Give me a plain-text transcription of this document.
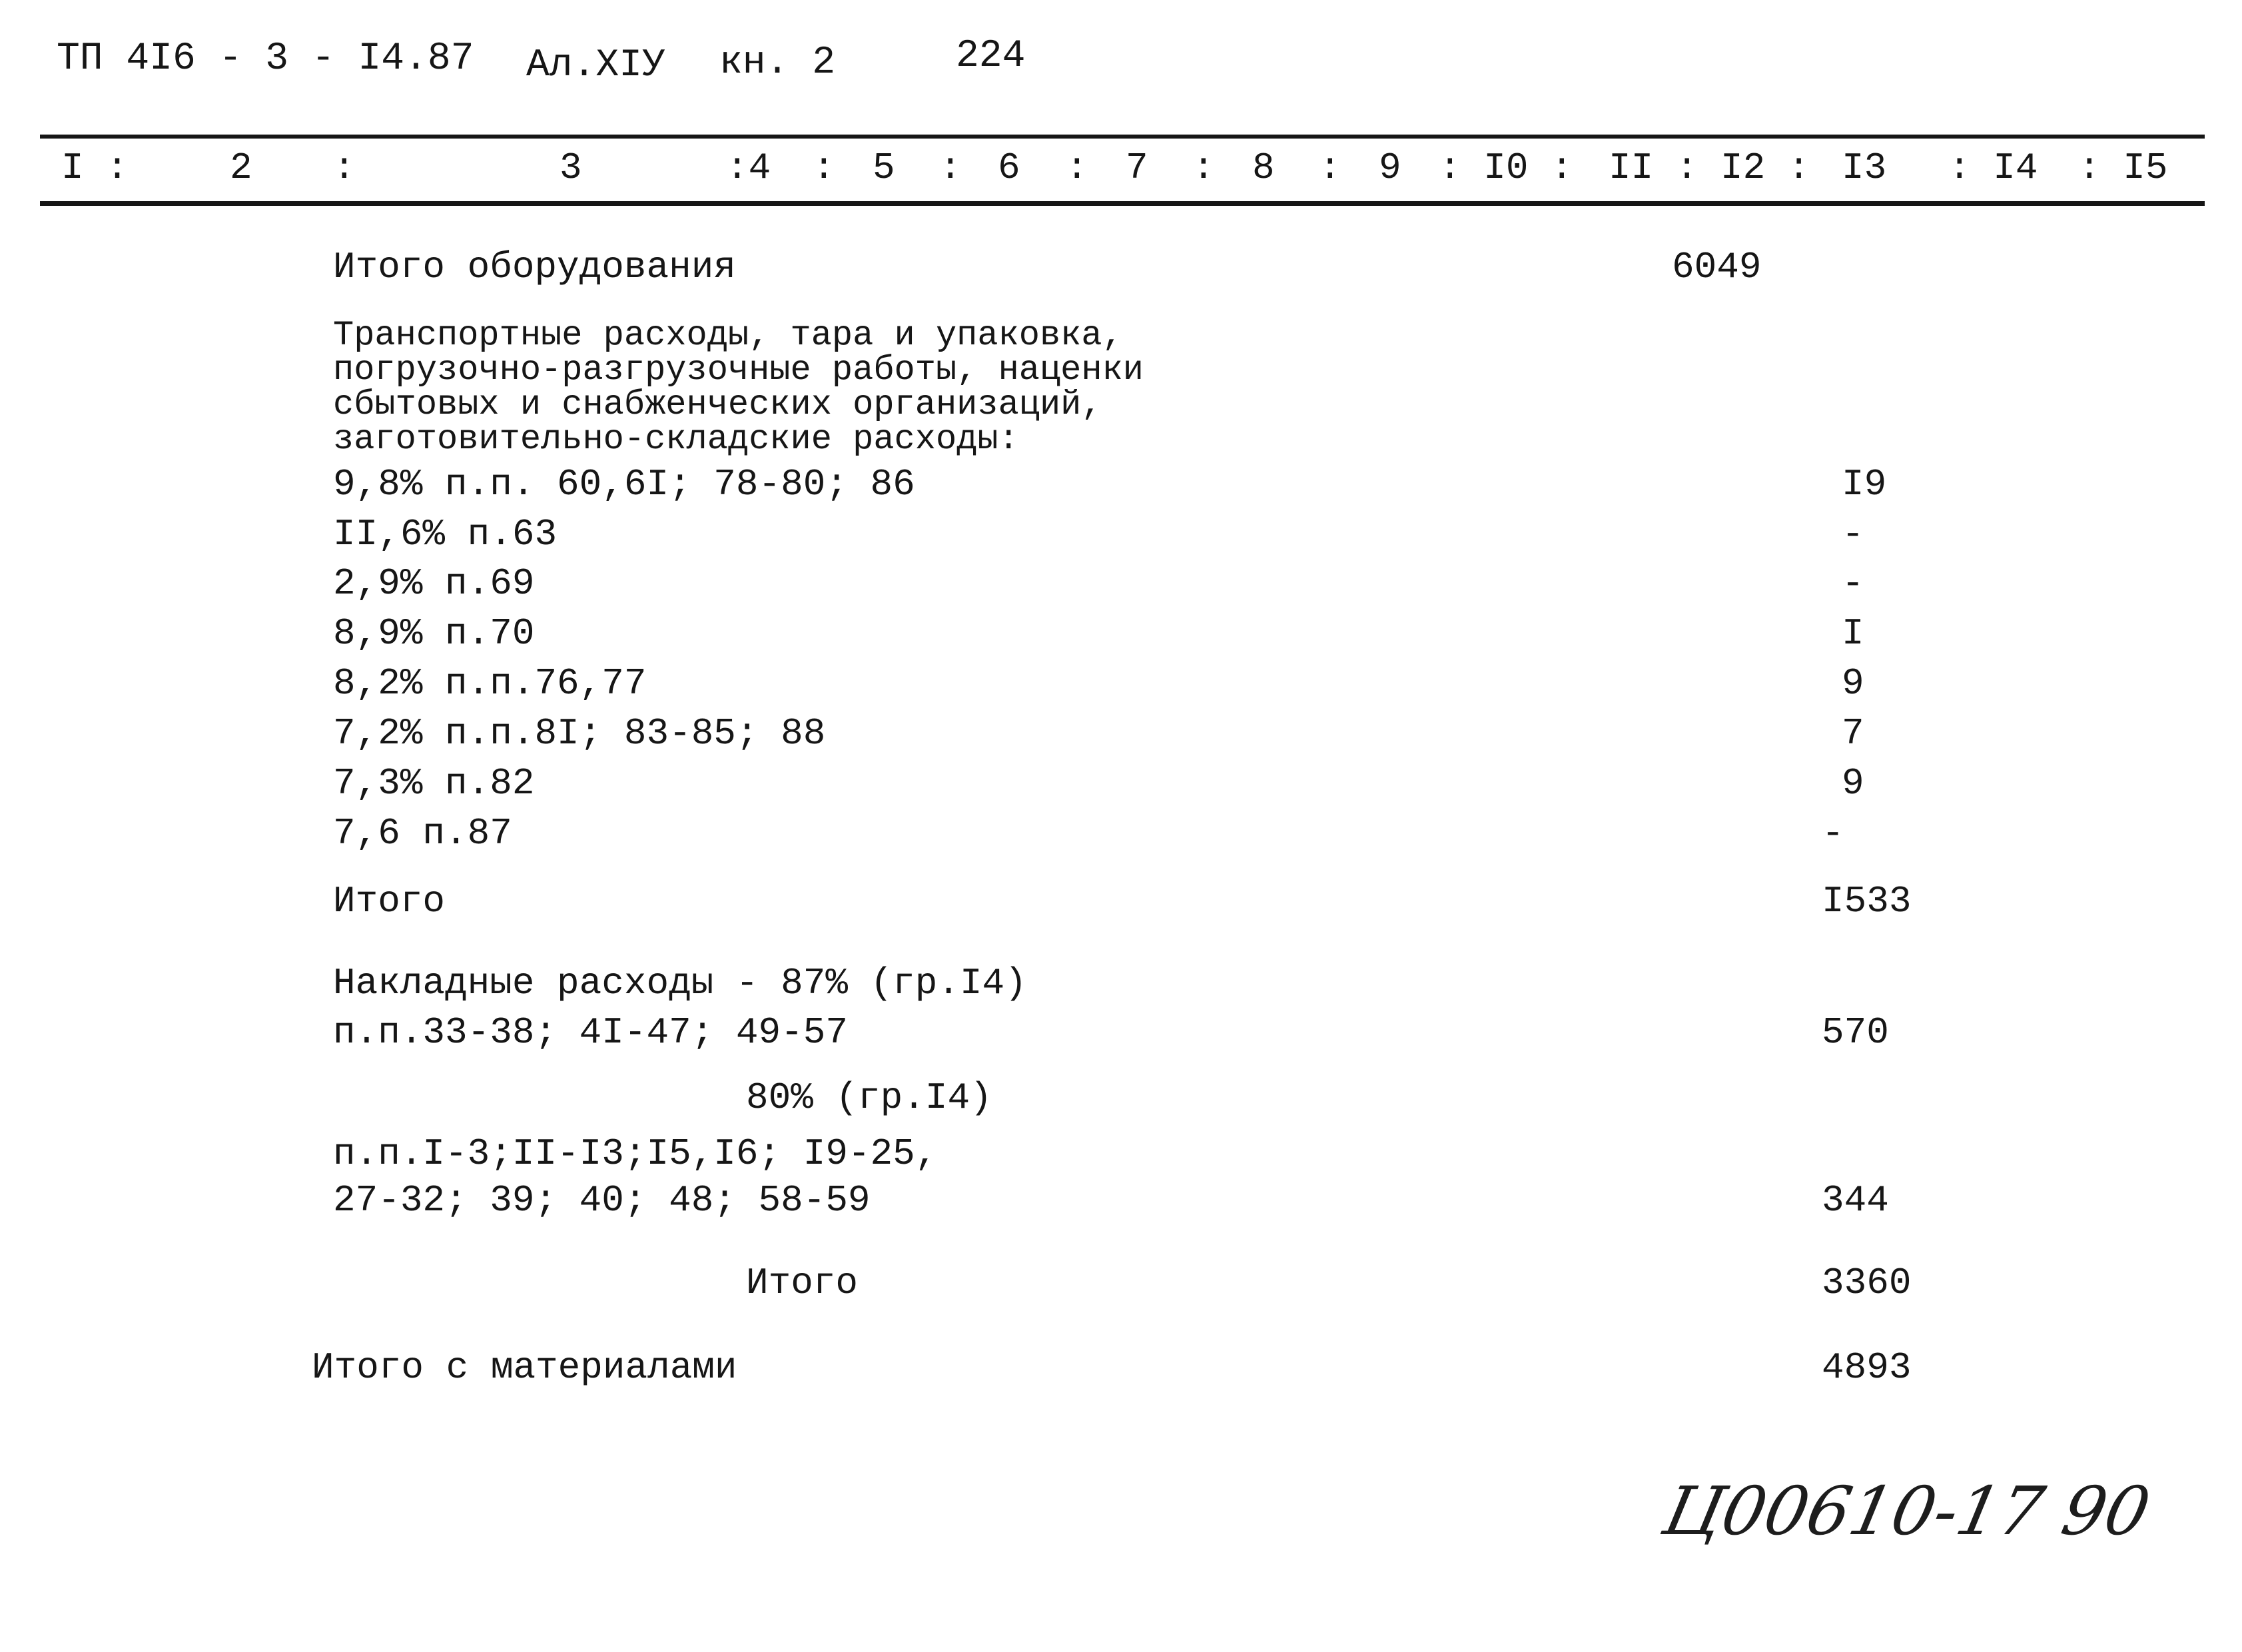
ТП 4I6 - 3 - I4.87 Ал.XIУ кн. 2	224
I :	2 :	3	:4 : 5 : 6 : 7 : 8 : 9 : I0 : II : I2 : I3 : I4 : I5
Итого оборудования	6049
Транспортные расходы, тара и упаковка,
погрузочно-разгрузочные работы, наценки
сбытовых и снабженческих организаций,
заготовительно-складские расходы:
9,8% п.п. 60,6I; 78-80; 86	I9
II,6% п.63	-
2,9% п.69	-
8,9% п.70	I
8,2% п.п.76,77	9
7,2% п.п.8I; 83-85; 88	7
7,3% п.82	9
7,6 п.87	-
Итого	I533
Накладные расходы - 87% (гр.I4)
п.п.33-38; 4I-47; 49-57	570
80% (гр.I4)
п.п.I-3;II-I3;I5,I6; I9-25,
27-32; 39; 40; 48; 58-59	344
Итого	3360
Итого с материалами	4893
Ц00610-17 90
